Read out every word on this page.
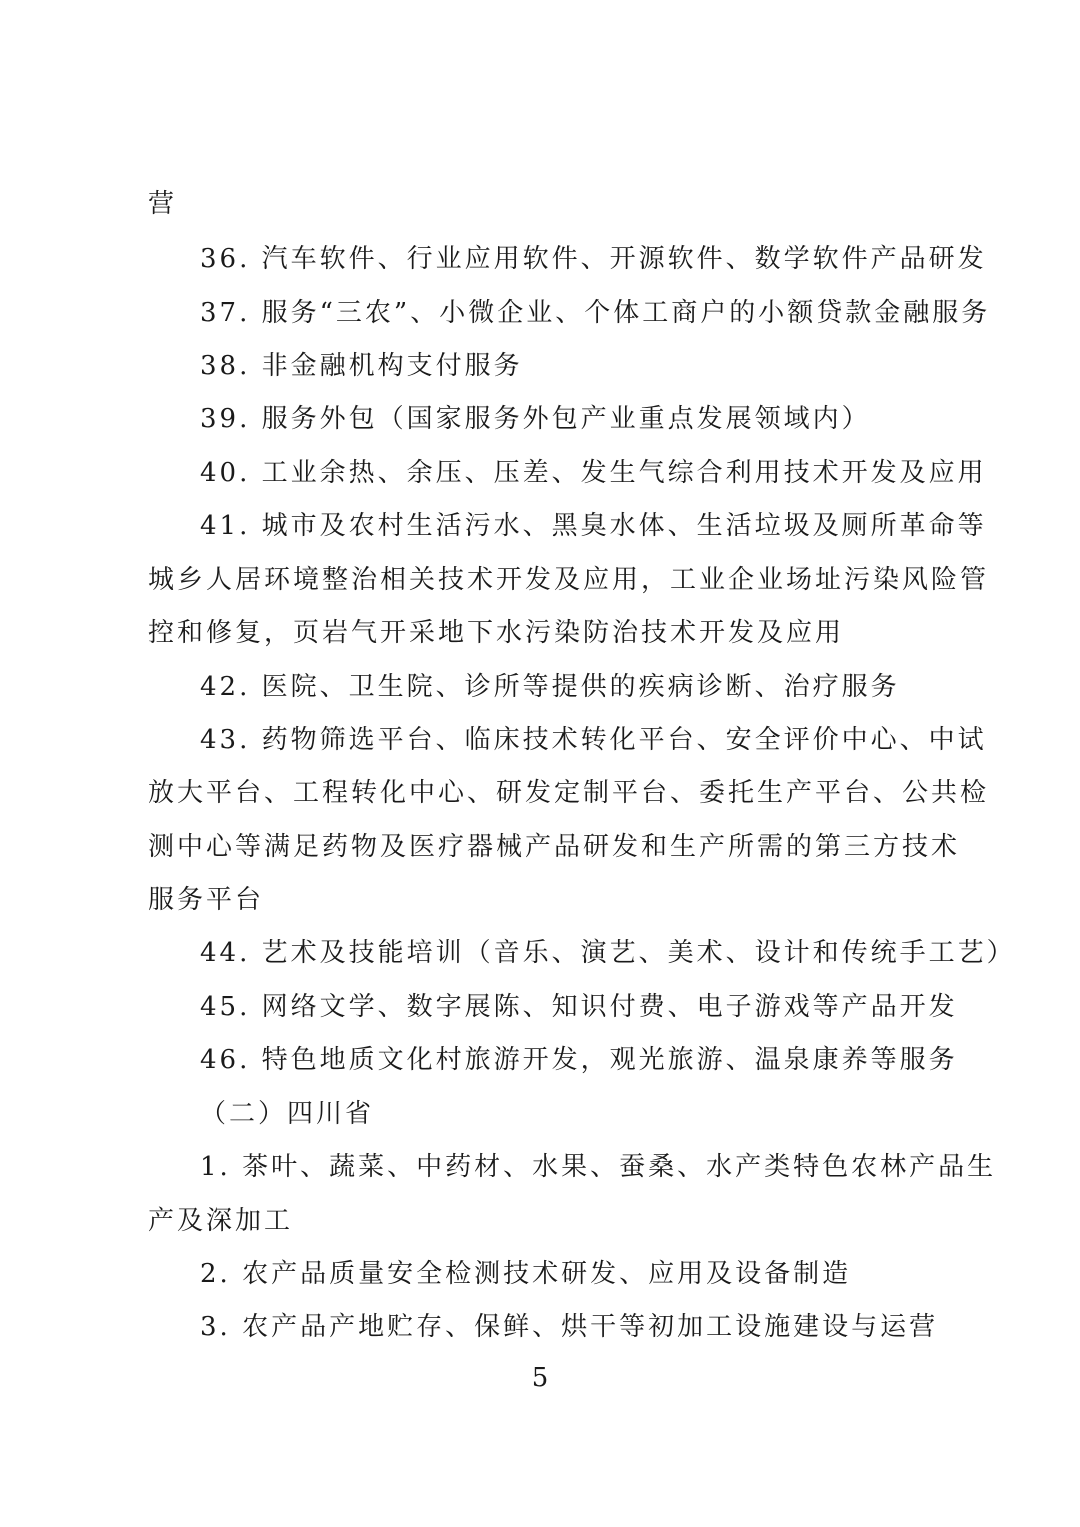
营
36. 汽车软件、行业应用软件、开源软件、数学软件产品研发
37. 服务“三农”、小微企业、个体工商户的小额贷款金融服务
38. 非金融机构支付服务
39. 服务外包（国家服务外包产业重点发展领域内）
40. 工业余热、余压、压差、发生气综合利用技术开发及应用
41. 城市及农村生活污水、黑臭水体、生活垃圾及厕所革命等
城乡人居环境整治相关技术开发及应用，工业企业场址污染风险管
控和修复，页岩气开采地下水污染防治技术开发及应用
42. 医院、卫生院、诊所等提供的疾病诊断、治疗服务
43. 药物筛选平台、临床技术转化平台、安全评价中心、中试
放大平台、工程转化中心、研发定制平台、委托生产平台、公共检
测中心等满足药物及医疗器械产品研发和生产所需的第三方技术
服务平台
44. 艺术及技能培训（音乐、演艺、美术、设计和传统手工艺）
45. 网络文学、数字展陈、知识付费、电子游戏等产品开发
46. 特色地质文化村旅游开发，观光旅游、温泉康养等服务
（二）四川省
1. 茶叶、蔬菜、中药材、水果、蚕桑、水产类特色农林产品生
产及深加工
2. 农产品质量安全检测技术研发、应用及设备制造
3. 农产品产地贮存、保鲜、烘干等初加工设施建设与运营
5
